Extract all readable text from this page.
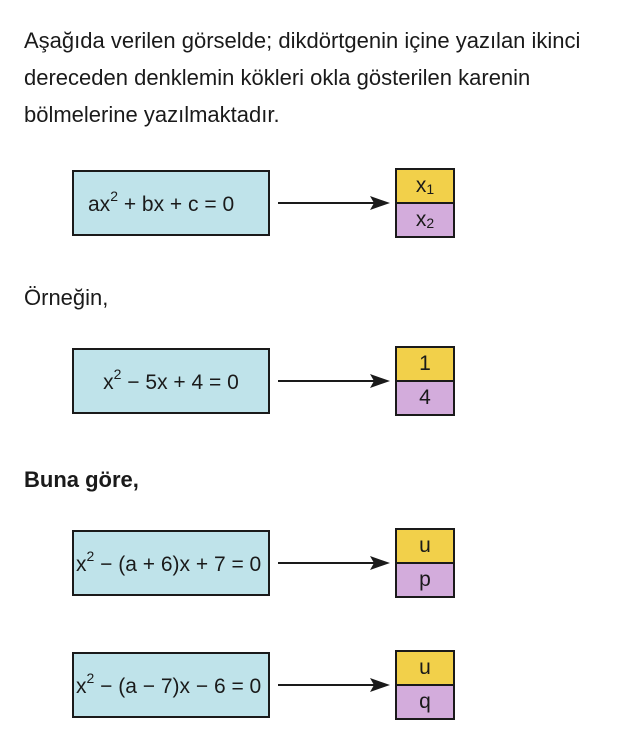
Aşağıda verilen görselde; dikdörtgenin içine yazılan ikinci dereceden denklemin kökleri okla gösterilen karenin bölmelerine yazılmaktadır.

$ax^2$ + bx + c = 0
$x_1$
$x_2$

Örneğin,

$x^2 - 5x + 4 = 0$
1
4

Buna göre,

$x^2 - (a + 6)x + 7 = 0$
u
p
$x^2 - (a - 7)x - 6 = 0$
u
q
